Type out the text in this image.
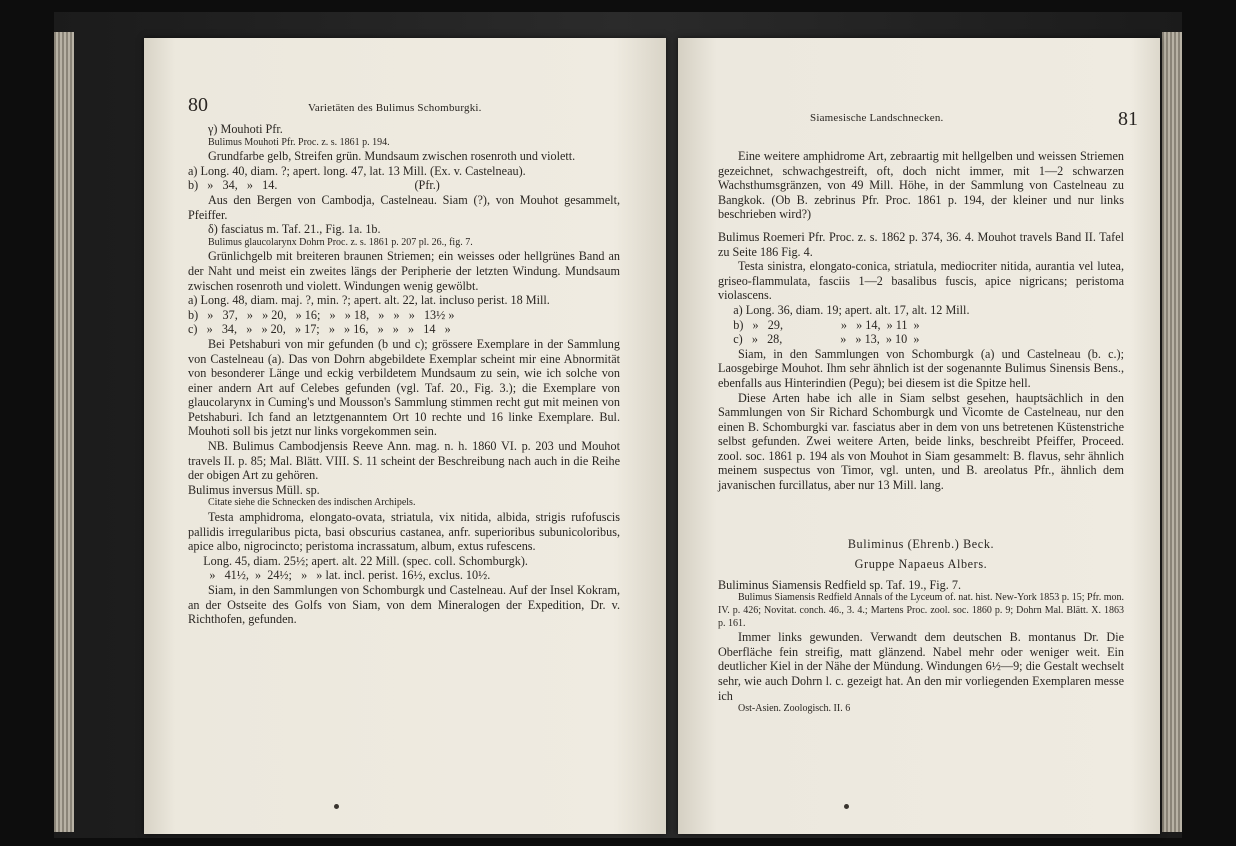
80	Varietäten des Bulimus Schomburgki.

γ) Mouhoti Pfr.

Bulimus Mouhoti Pfr. Proc. z. s. 1861 p. 194.

Grundfarbe gelb, Streifen grün. Mundsaum zwischen rosenroth und violett.

a) Long. 40, diam. ?; apert. long. 47, lat. 13 Mill. (Ex. v. Castelneau).

b)   »   34,   »   14.                                             (Pfr.)

Aus den Bergen von Cambodja, Castelneau. Siam (?), von Mouhot gesammelt, Pfeiffer.

δ) fasciatus m. Taf. 21., Fig. 1a. 1b.

Bulimus glaucolarynx Dohrn Proc. z. s. 1861 p. 207 pl. 26., fig. 7.

Grünlichgelb mit breiteren braunen Striemen; ein weisses oder hellgrünes Band an der Naht und meist ein zweites längs der Peripherie der letzten Windung. Mundsaum zwischen rosenroth und violett. Windungen wenig gewölbt.

a) Long. 48, diam. maj. ?, min. ?; apert. alt. 22, lat. incluso perist. 18 Mill.

b)   »   37,   »   » 20,   » 16;   »   » 18,   »   »   »   13½ »

c)   »   34,   »   » 20,   » 17;   »   » 16,   »   »   »   14   »

Bei Petshaburi von mir gefunden (b und c); grössere Exemplare in der Sammlung von Castelneau (a). Das von Dohrn abgebildete Exemplar scheint mir eine Abnormität von besonderer Länge und eckig verbildetem Mundsaum zu sein, wie ich solche von einer andern Art auf Celebes gefunden (vgl. Taf. 20., Fig. 3.); die Exemplare von glaucolarynx in Cuming's und Mousson's Sammlung stimmen recht gut mit meinen von Petshaburi. Ich fand an letztgenanntem Ort 10 rechte und 16 linke Exemplare. Bul. Mouhoti soll bis jetzt nur links vorgekommen sein.

NB. Bulimus Cambodjensis Reeve Ann. mag. n. h. 1860 VI. p. 203 und Mouhot travels II. p. 85; Mal. Blätt. VIII. S. 11 scheint der Beschreibung nach auch in die Reihe der obigen Art zu gehören.

Bulimus inversus Müll. sp.

Citate siehe die Schnecken des indischen Archipels.

Testa amphidroma, elongato-ovata, striatula, vix nitida, albida, strigis rufofuscis pallidis irregularibus picta, basi obscurius castanea, anfr. superioribus subunicoloribus, apice albo, nigrocincto; peristoma incrassatum, album, extus rufescens.

Long. 45, diam. 25½; apert. alt. 22 Mill. (spec. coll. Schomburgk).

»   41½,  »  24½;   »   » lat. incl. perist. 16½, exclus. 10½.

Siam, in den Sammlungen von Schomburgk und Castelneau. Auf der Insel Kokram, an der Ostseite des Golfs von Siam, von dem Mineralogen der Expedition, Dr. v. Richthofen, gefunden.

Siamesische Landschnecken.	81

Eine weitere amphidrome Art, zebraartig mit hellgelben und weissen Striemen gezeichnet, schwachgestreift, oft, doch nicht immer, mit 1—2 schwarzen Wachsthumsgränzen, von 49 Mill. Höhe, in der Sammlung von Castelneau zu Bangkok. (Ob B. zebrinus Pfr. Proc. 1861 p. 194, der kleiner und nur links beschrieben wird?)

Bulimus Roemeri Pfr. Proc. z. s. 1862 p. 374, 36. 4. Mouhot travels Band II. Tafel zu Seite 186 Fig. 4.

Testa sinistra, elongato-conica, striatula, mediocriter nitida, aurantia vel lutea, griseo-flammulata, fasciis 1—2 basalibus fuscis, apice nigricans; peristoma violascens.

a) Long. 36, diam. 19; apert. alt. 17, alt. 12 Mill.

b)   »   29,                   »   » 14,  » 11  »

c)   »   28,                   »   » 13,  » 10  »

Siam, in den Sammlungen von Schomburgk (a) und Castelneau (b. c.); Laosgebirge Mouhot. Ihm sehr ähnlich ist der sogenannte Bulimus Sinensis Bens., ebenfalls aus Hinterindien (Pegu); bei diesem ist die Spitze hell.

Diese Arten habe ich alle in Siam selbst gesehen, hauptsächlich in den Sammlungen von Sir Richard Schomburgk und Vicomte de Castelneau, nur den einen B. Schomburgki var. fasciatus aber in dem von uns betretenen Küstenstriche selbst gefunden. Zwei weitere Arten, beide links, beschreibt Pfeiffer, Proceed. zool. soc. 1861 p. 194 als von Mouhot in Siam gesammelt: B. flavus, sehr ähnlich meinem suspectus von Timor, vgl. unten, und B. areolatus Pfr., ähnlich dem javanischen furcillatus, aber nur 13 Mill. lang.

Buliminus (Ehrenb.) Beck.

Gruppe Napaeus Albers.

Buliminus Siamensis Redfield sp. Taf. 19., Fig. 7.

Bulimus Siamensis Redfield Annals of the Lyceum of. nat. hist. New-York 1853 p. 15; Pfr. mon. IV. p. 426; Novitat. conch. 46., 3. 4.; Martens Proc. zool. soc. 1860 p. 9; Dohrn Mal. Blätt. X. 1863 p. 161.

Immer links gewunden. Verwandt dem deutschen B. montanus Dr. Die Oberfläche fein streifig, matt glänzend. Nabel mehr oder weniger weit. Ein deutlicher Kiel in der Nähe der Mündung. Windungen 6½—9; die Gestalt wechselt sehr, wie auch Dohrn l. c. gezeigt hat. An den mir vorliegenden Exemplaren messe ich

Ost-Asien. Zoologisch. II. 6
